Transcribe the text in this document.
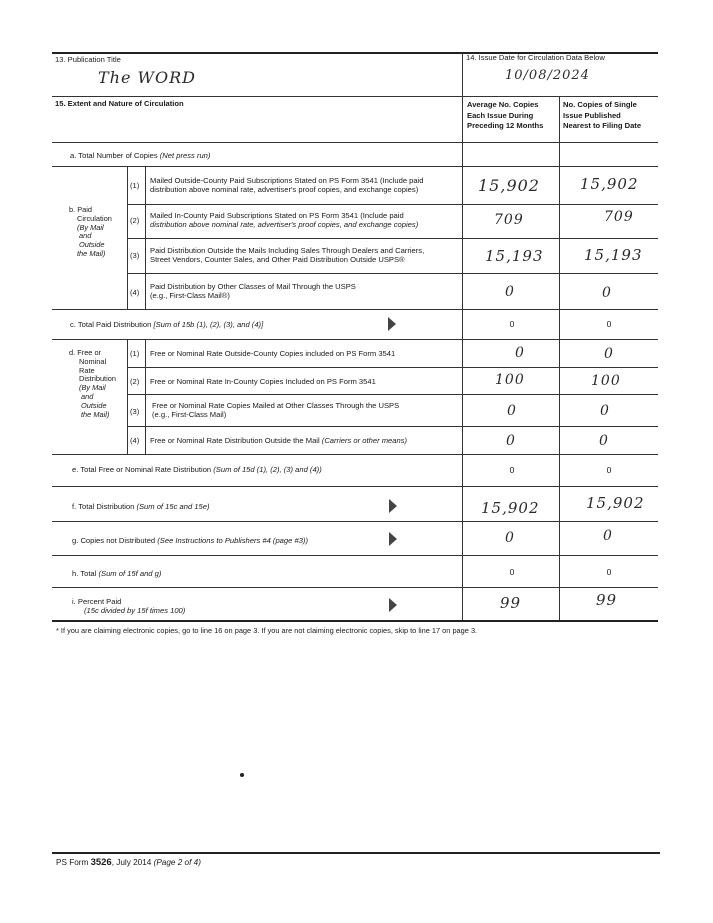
13. Publication Title
The WORD
14. Issue Date for Circulation Data Below
10/08/2024
15. Extent and Nature of Circulation	Average No. Copies
Each Issue During
Preceding 12 Months
No. Copies of Single
Issue Published
Nearest to Filing Date
a. Total Number of Copies (Net press run)
b. Paid
Circulation
(By Mail
and
Outside
the Mail)
(1)
Mailed Outside-County Paid Subscriptions Stated on PS Form 3541 (Include paid
distribution above nominal rate, advertiser's proof copies, and exchange copies)	15,902	15,902
(2)
Mailed In-County Paid Subscriptions Stated on PS Form 3541 (Include paid
distribution above nominal rate, advertiser's proof copies, and exchange copies)	709	709
(3)
Paid Distribution Outside the Mails Including Sales Through Dealers and Carriers,
Street Vendors, Counter Sales, and Other Paid Distribution Outside USPS®	15,193	15,193
(4)
Paid Distribution by Other Classes of Mail Through the USPS
(e.g., First-Class Mail®)	0	0
c. Total Paid Distribution [Sum of 15b (1), (2), (3), and (4)]	0	0
d. Free or
Nominal
Rate
Distribution
(By Mail
and
Outside
the Mail)
(1) Free or Nominal Rate Outside-County Copies included on PS Form 3541	0	0
(2) Free or Nominal Rate In-County Copies Included on PS Form 3541	100	100
(3)
Free or Nominal Rate Copies Mailed at Other Classes Through the USPS
(e.g., First-Class Mail)	0	0
(4) Free or Nominal Rate Distribution Outside the Mail (Carriers or other means)	0	0
e. Total Free or Nominal Rate Distribution (Sum of 15d (1), (2), (3) and (4))	0	0
f. Total Distribution (Sum of 15c and 15e)	15,902	15,902
g. Copies not Distributed (See Instructions to Publishers #4 (page #3))	0	0
h. Total (Sum of 15f and g)	0	0
i. Percent Paid
(15c divided by 15f times 100)	99	99
* If you are claiming electronic copies, go to line 16 on page 3. If you are not claiming electronic copies, skip to line 17 on page 3.
PS Form 3526, July 2014 (Page 2 of 4)
